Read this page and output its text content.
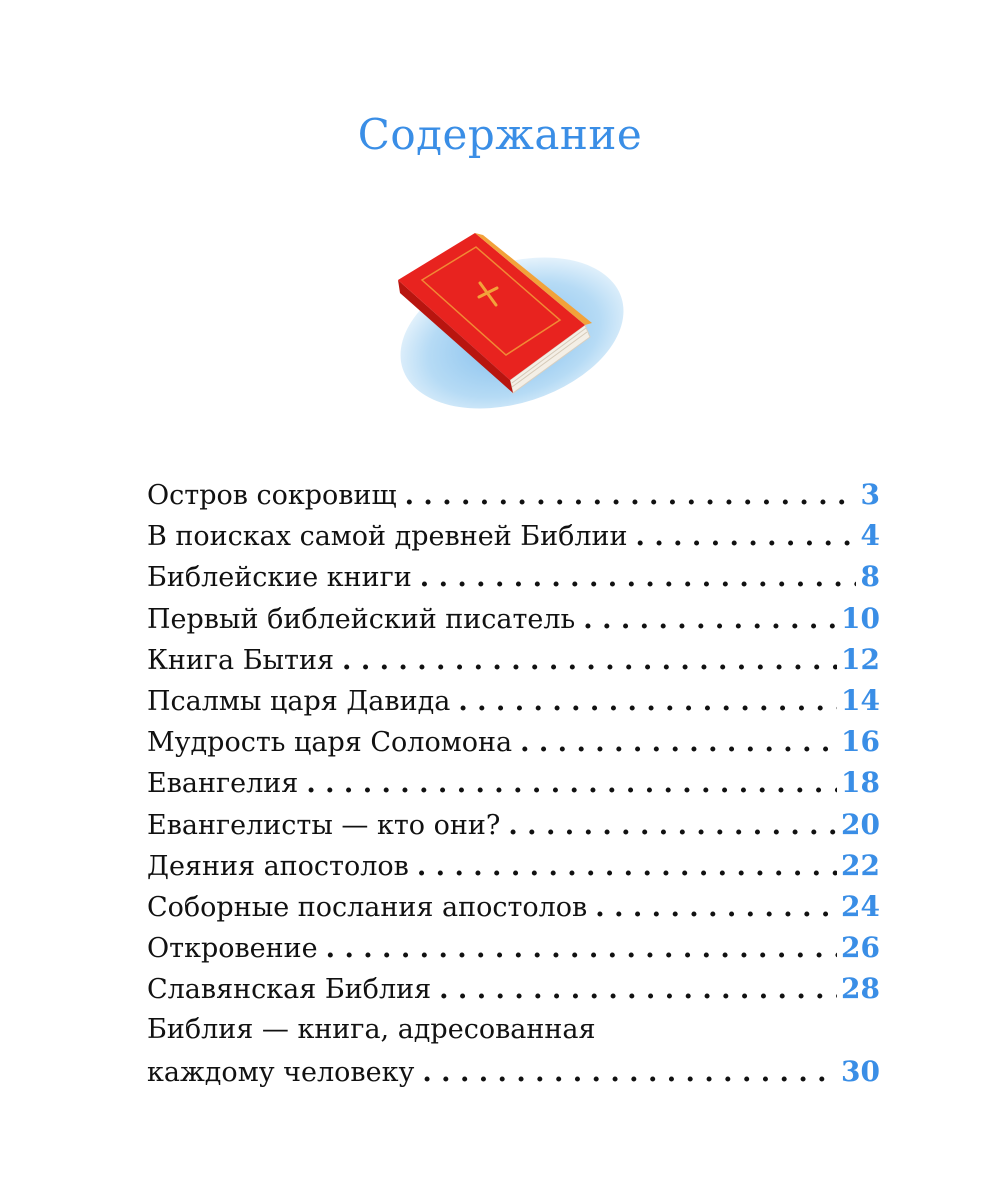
Содержание
Остров сокровищ . . .	3
В поисках самой древней Библии . . .	4
Библейские книги . . .	8
Первый библейский писатель . . .	10
Книга Бытия . . .	12
Псалмы царя Давида . . .	14
Мудрость царя Соломона . . .	16
Евангелия . . .	18
Евангелисты — кто они? . . .	20
Деяния апостолов . . .	22
Соборные послания апостолов . . .	24
Откровение . . .	26
Славянская Библия . . .	28
Библия — книга, адресованная
каждому человеку . . .	30
